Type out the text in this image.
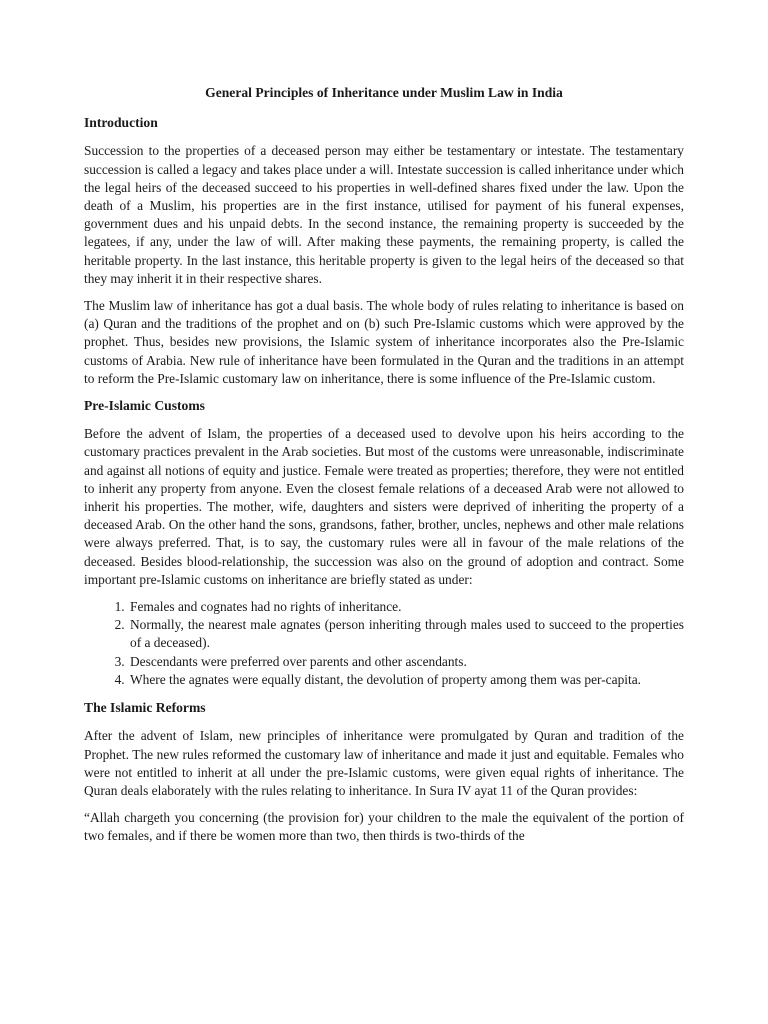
General Principles of Inheritance under Muslim Law in India
Introduction

Succession to the properties of a deceased person may either be testamentary or intestate. The testamentary succession is called a legacy and takes place under a will. Intestate succession is called inheritance under which the legal heirs of the deceased succeed to his properties in well-defined shares fixed under the law. Upon the death of a Muslim, his properties are in the first instance, utilised for payment of his funeral expenses, government dues and his unpaid debts. In the second instance, the remaining property is succeeded by the legatees, if any, under the law of will. After making these payments, the remaining property, is called the heritable property. In the last instance, this heritable property is given to the legal heirs of the deceased so that they may inherit it in their respective shares.

The Muslim law of inheritance has got a dual basis. The whole body of rules relating to inheritance is based on (a) Quran and the traditions of the prophet and on (b) such Pre-Islamic customs which were approved by the prophet. Thus, besides new provisions, the Islamic system of inheritance incorporates also the Pre-Islamic customs of Arabia. New rule of inheritance have been formulated in the Quran and the traditions in an attempt to reform the Pre-Islamic customary law on inheritance, there is some influence of the Pre-Islamic custom.

Pre-Islamic Customs

Before the advent of Islam, the properties of a deceased used to devolve upon his heirs according to the customary practices prevalent in the Arab societies. But most of the customs were unreasonable, indiscriminate and against all notions of equity and justice. Female were treated as properties; therefore, they were not entitled to inherit any property from anyone. Even the closest female relations of a deceased Arab were not allowed to inherit his properties. The mother, wife, daughters and sisters were deprived of inheriting the property of a deceased Arab. On the other hand the sons, grandsons, father, brother, uncles, nephews and other male relations were always preferred. That, is to say, the customary rules were all in favour of the male relations of the deceased. Besides blood-relationship, the succession was also on the ground of adoption and contract. Some important pre-Islamic customs on inheritance are briefly stated as under:

1. Females and cognates had no rights of inheritance.
2. Normally, the nearest male agnates (person inheriting through males used to succeed to the properties of a deceased).
3. Descendants were preferred over parents and other ascendants.
4. Where the agnates were equally distant, the devolution of property among them was per-capita.
The Islamic Reforms

After the advent of Islam, new principles of inheritance were promulgated by Quran and tradition of the Prophet. The new rules reformed the customary law of inheritance and made it just and equitable. Females who were not entitled to inherit at all under the pre-Islamic customs, were given equal rights of inheritance. The Quran deals elaborately with the rules relating to inheritance. In Sura IV ayat 11 of the Quran provides:

“Allah chargeth you concerning (the provision for) your children to the male the equivalent of the portion of two females, and if there be women more than two, then thirds is two-thirds of the
